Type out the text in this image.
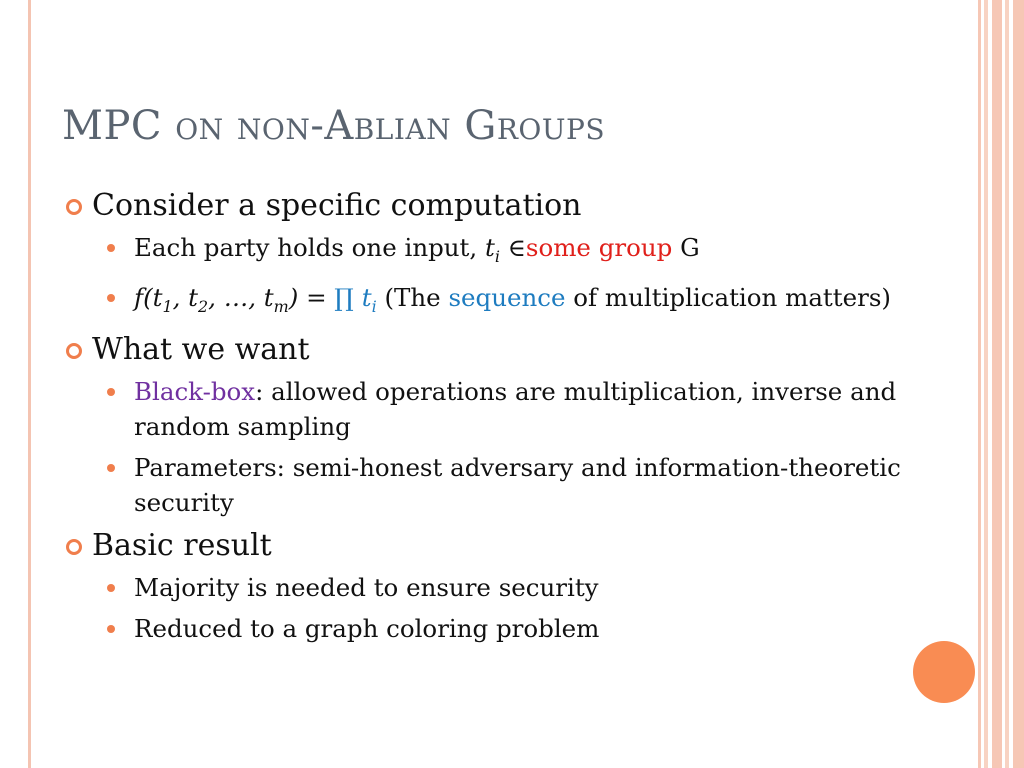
MPC on non-Ablian Groups
Consider a specific computation
Each party holds one input, $t_i$ ∈some group G
$f(t_1$, $t_2$, …, $t_m$) = ∏ $t_i$ (The sequence of multiplication matters)
What we want
Black-box: allowed operations are multiplication, inverse and random sampling
Parameters: semi-honest adversary and information-theoretic security
Basic result
Majority is needed to ensure security
Reduced to a graph coloring problem
